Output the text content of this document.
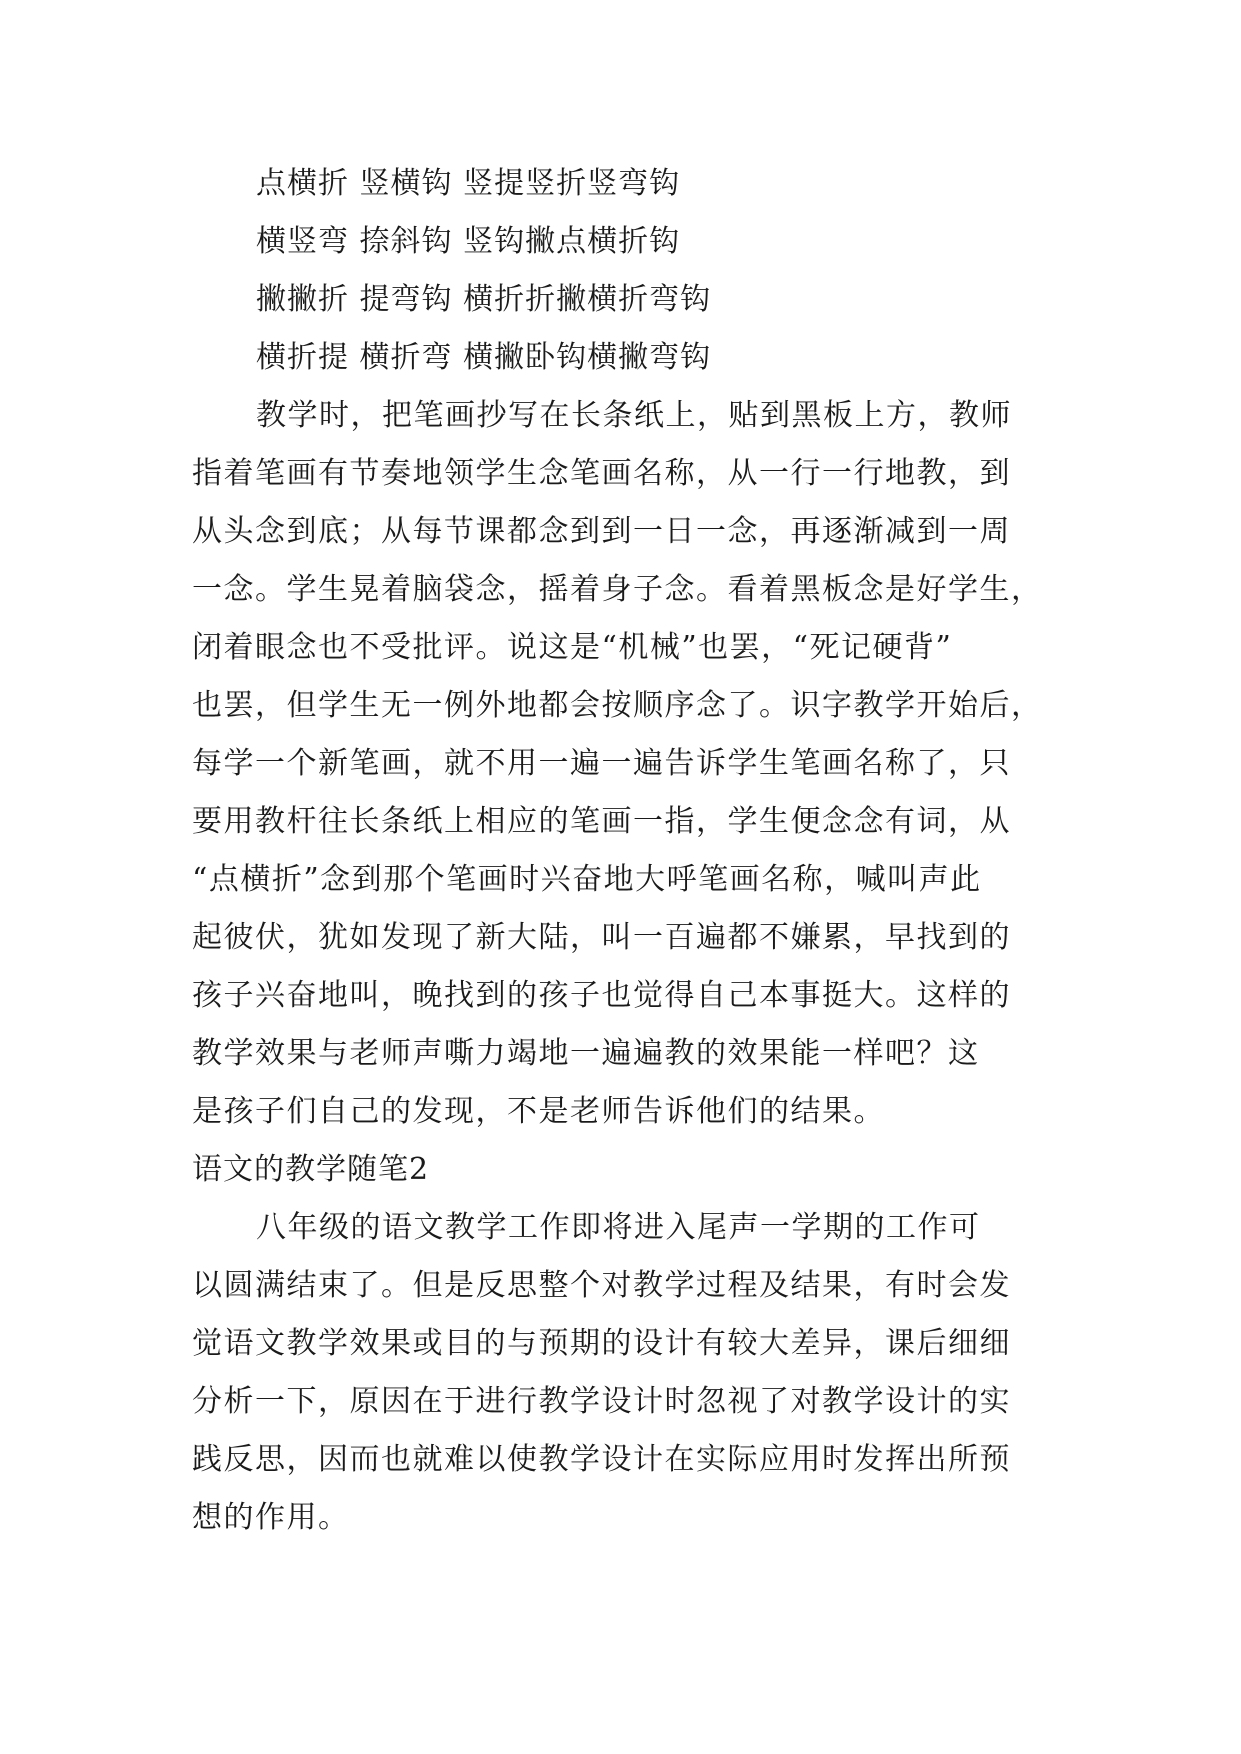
点横折 竖横钩 竖提竖折竖弯钩
横竖弯 捺斜钩 竖钩撇点横折钩
撇撇折 提弯钩 横折折撇横折弯钩
横折提 横折弯 横撇卧钩横撇弯钩
教学时，把笔画抄写在长条纸上，贴到黑板上方，教师
指着笔画有节奏地领学生念笔画名称，从一行一行地教，到
从头念到底；从每节课都念到到一日一念，再逐渐减到一周
一念。学生晃着脑袋念，摇着身子念。看着黑板念是好学生，
闭着眼念也不受批评。说这是“机械”也罢，“死记硬背”
也罢，但学生无一例外地都会按顺序念了。识字教学开始后，
每学一个新笔画，就不用一遍一遍告诉学生笔画名称了，只
要用教杆往长条纸上相应的笔画一指，学生便念念有词，从
“点横折”念到那个笔画时兴奋地大呼笔画名称，喊叫声此
起彼伏，犹如发现了新大陆，叫一百遍都不嫌累，早找到的
孩子兴奋地叫，晚找到的孩子也觉得自己本事挺大。这样的
教学效果与老师声嘶力竭地一遍遍教的效果能一样吧？这
是孩子们自己的发现，不是老师告诉他们的结果。
语文的教学随笔2
八年级的语文教学工作即将进入尾声一学期的工作可
以圆满结束了。但是反思整个对教学过程及结果，有时会发
觉语文教学效果或目的与预期的设计有较大差异，课后细细
分析一下，原因在于进行教学设计时忽视了对教学设计的实
践反思，因而也就难以使教学设计在实际应用时发挥出所预
想的作用。
